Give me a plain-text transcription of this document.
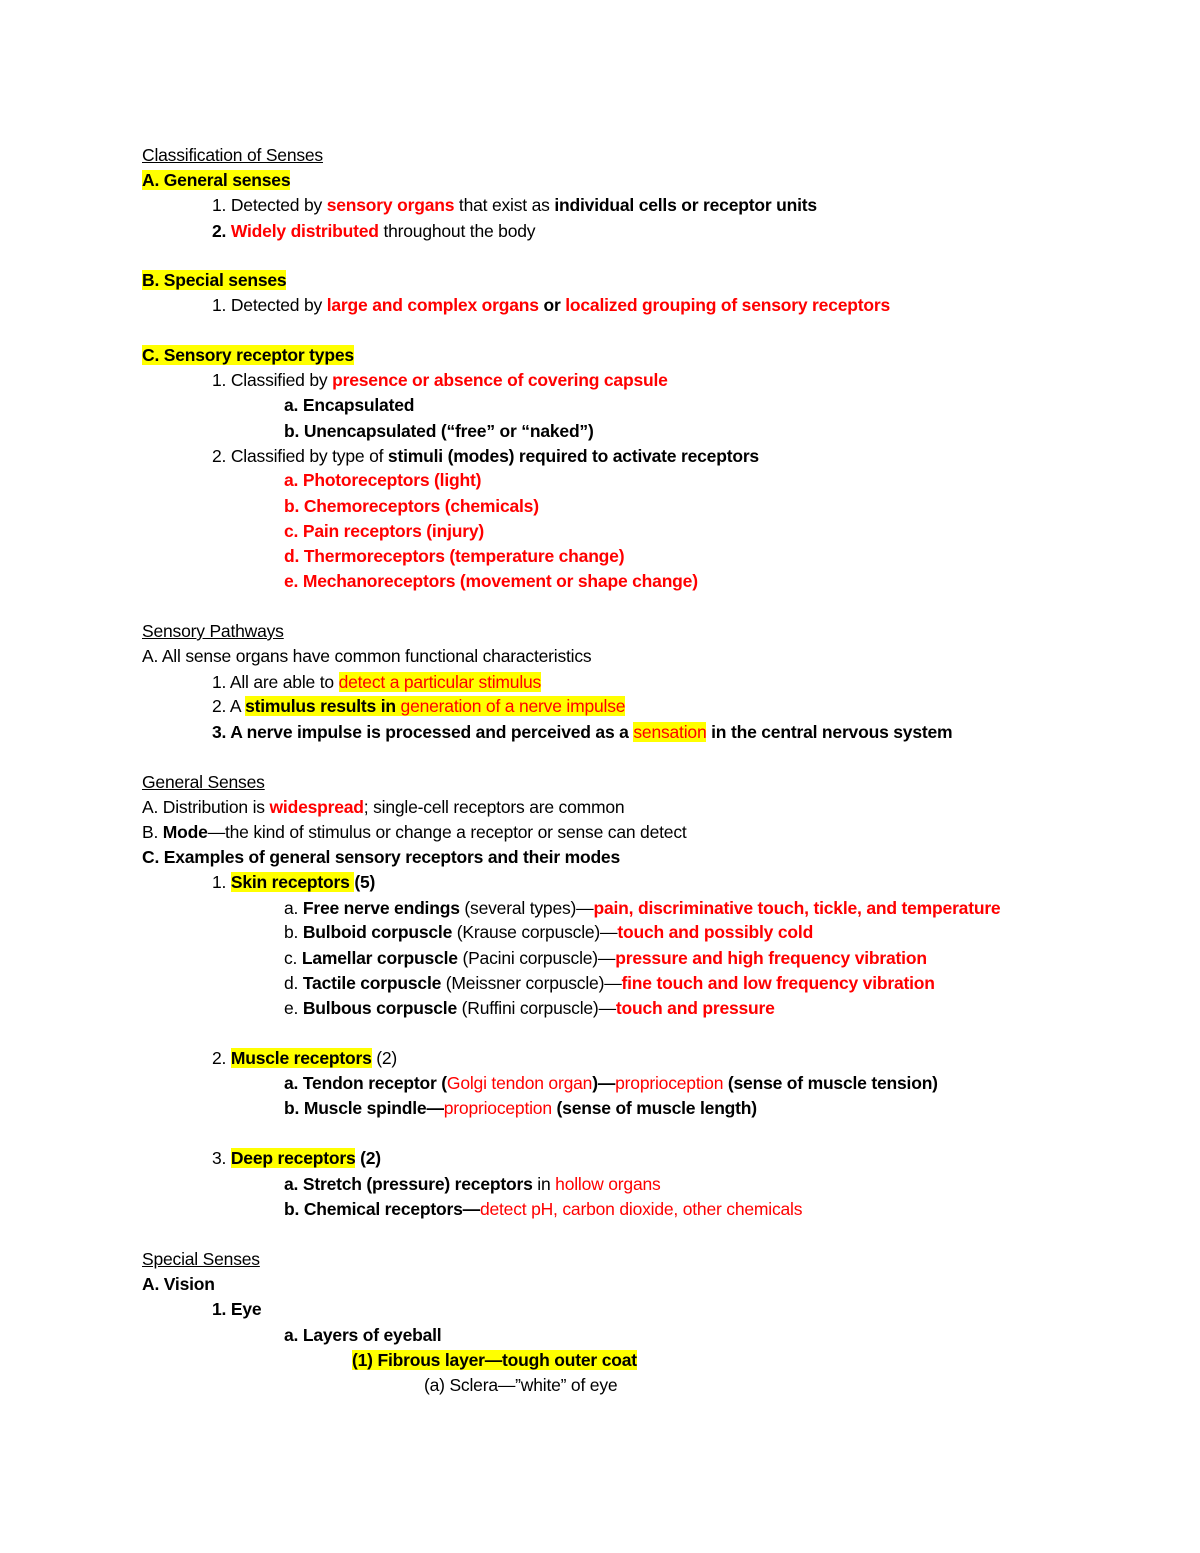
Classification of Senses
A. General senses
1. Detected by sensory organs that exist as individual cells or receptor units
2. Widely distributed throughout the body
B. Special senses
1. Detected by large and complex organs or localized grouping of sensory receptors
C. Sensory receptor types
1. Classified by presence or absence of covering capsule
a. Encapsulated
b. Unencapsulated (“free” or “naked”)
2. Classified by type of stimuli (modes) required to activate receptors
a. Photoreceptors (light)
b. Chemoreceptors (chemicals)
c. Pain receptors (injury)
d. Thermoreceptors (temperature change)
e. Mechanoreceptors (movement or shape change)
Sensory Pathways
A. All sense organs have common functional characteristics
1. All are able to detect a particular stimulus
2. A stimulus results in generation of a nerve impulse
3. A nerve impulse is processed and perceived as a sensation in the central nervous system
General Senses
A. Distribution is widespread; single-cell receptors are common
B. Mode—the kind of stimulus or change a receptor or sense can detect
C. Examples of general sensory receptors and their modes
1. Skin receptors (5)
a. Free nerve endings (several types)—pain, discriminative touch, tickle, and temperature
b. Bulboid corpuscle (Krause corpuscle)—touch and possibly cold
c. Lamellar corpuscle (Pacini corpuscle)—pressure and high frequency vibration
d. Tactile corpuscle (Meissner corpuscle)—fine touch and low frequency vibration
e. Bulbous corpuscle (Ruffini corpuscle)—touch and pressure
2. Muscle receptors (2)
a. Tendon receptor (Golgi tendon organ)—proprioception (sense of muscle tension)
b. Muscle spindle—proprioception (sense of muscle length)
3. Deep receptors (2)
a. Stretch (pressure) receptors in hollow organs
b. Chemical receptors—detect pH, carbon dioxide, other chemicals
Special Senses
A. Vision
1. Eye
a. Layers of eyeball
(1) Fibrous layer—tough outer coat
(a) Sclera—”white” of eye
